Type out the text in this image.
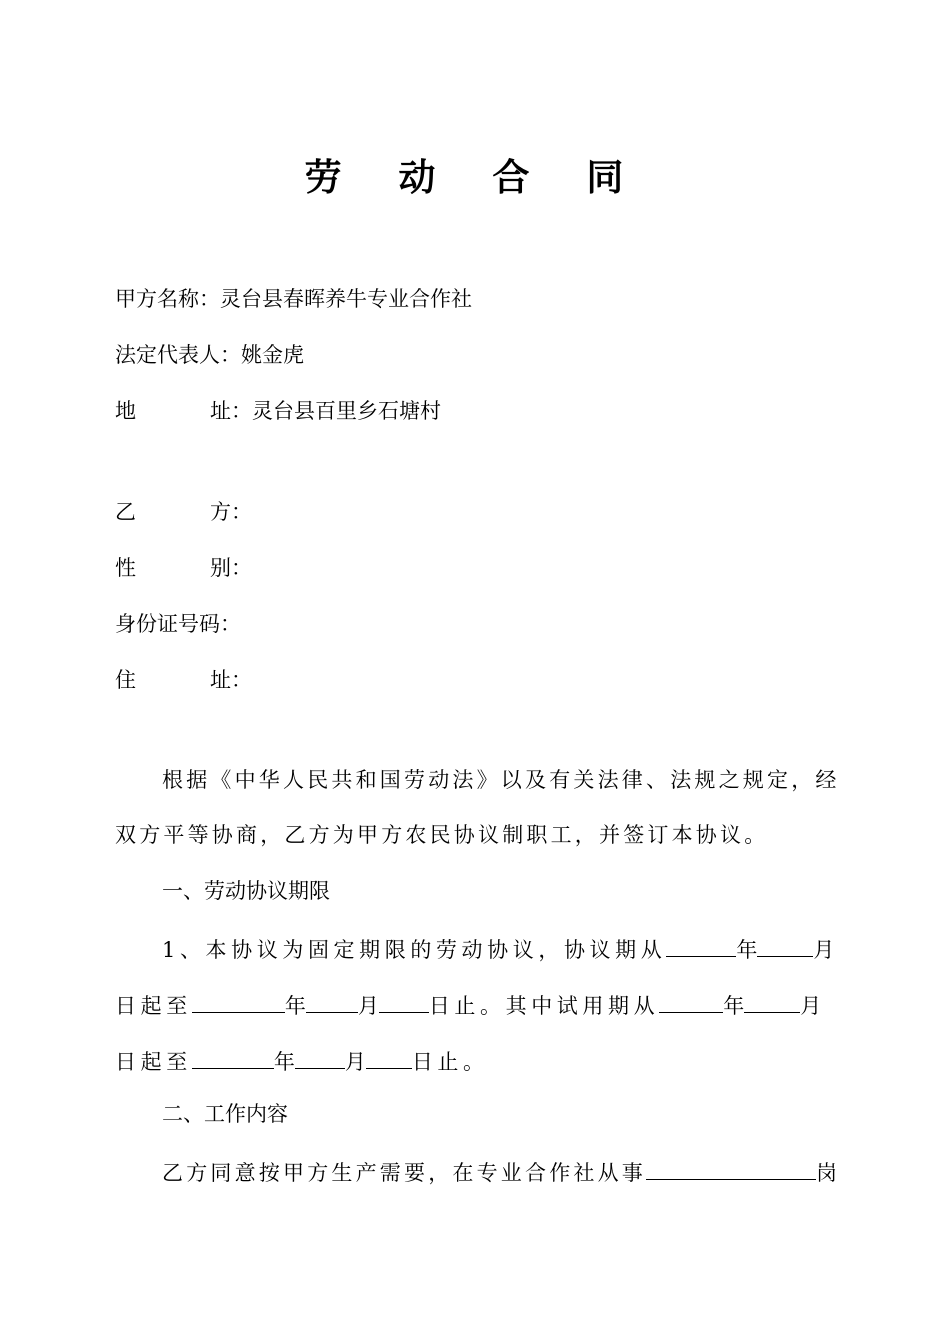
劳 动 合 同
甲方名称：灵台县春晖养牛专业合作社
法定代表人：姚金虎
地	址：灵台县百里乡石塘村
乙	方：
性	别：
身份证号码：
住	址：
根据《中华人民共和国劳动法》以及有关法律、法规之规定，经
双方平等协商，乙方为甲方农民协议制职工，并签订本协议。
一、劳动协议期限
1、本协议为固定期限的劳动协议，协议期从	年	月
日起至	年 月 日止。其中试用期从	年	月
日起至	年 月 日止。
二、工作内容
乙方同意按甲方生产需要，在专业合作社从事	岗
